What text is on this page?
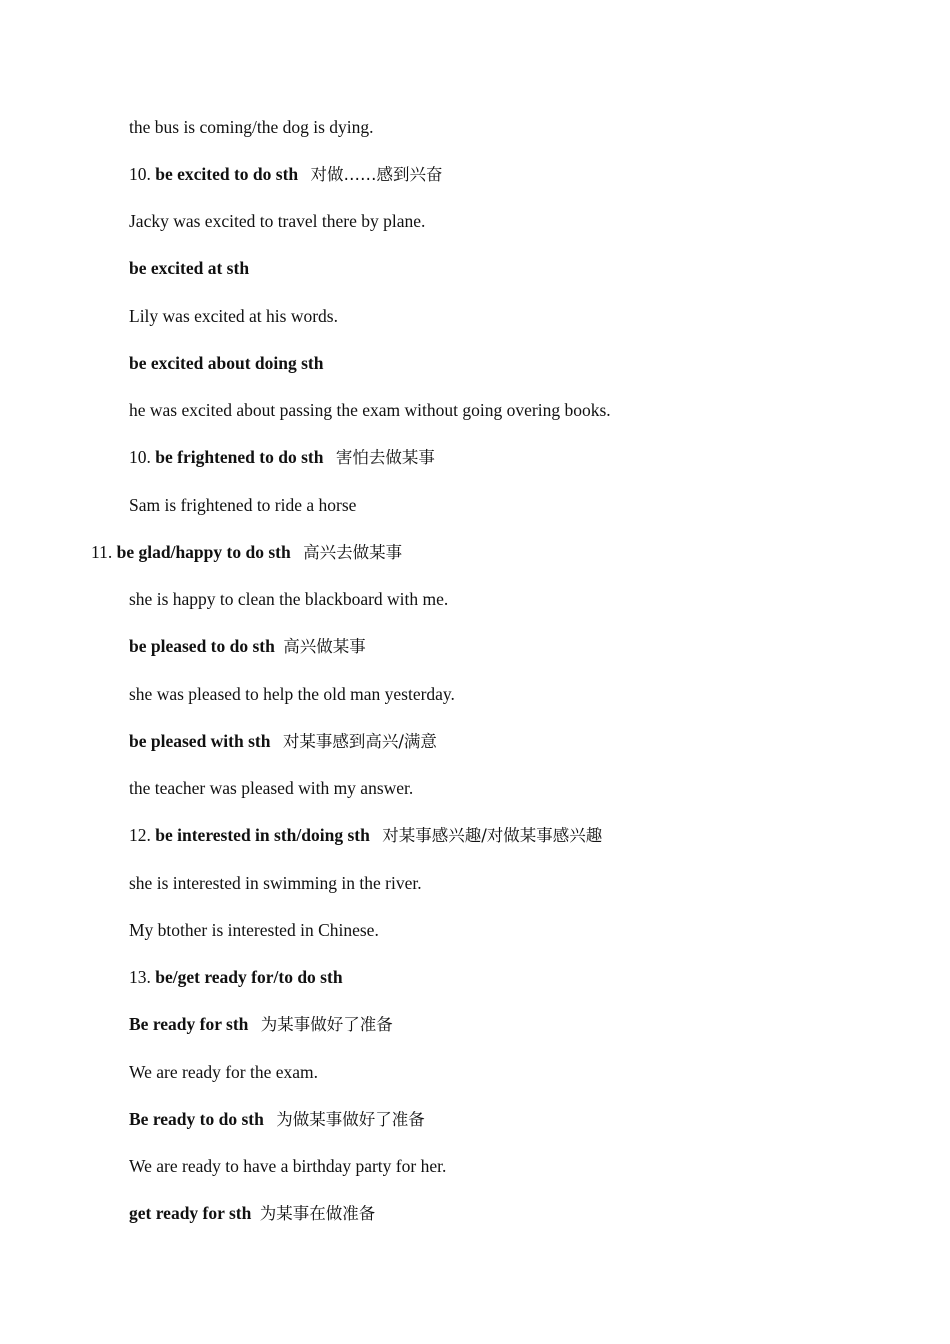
the bus is coming/the dog is dying.
10. be excited to do sth 对做……感到兴奋
Jacky was excited to travel there by plane.
be excited at sth
Lily was excited at his words.
be excited about doing sth
he was excited about passing the exam without going overing books.
10. be frightened to do sth 害怕去做某事
Sam is frightened to ride a horse
11. be glad/happy to do sth 高兴去做某事
she is happy to clean the blackboard with me.
be pleased to do sth 高兴做某事
she was pleased to help the old man yesterday.
be pleased with sth 对某事感到高兴/满意
the teacher was pleased with my answer.
12. be interested in sth/doing sth 对某事感兴趣/对做某事感兴趣
she is interested in swimming in the river.
My btother is interested in Chinese.
13. be/get ready for/to do sth
Be ready for sth 为某事做好了准备
We are ready for the exam.
Be ready to do sth 为做某事做好了准备
We are ready to have a birthday party for her.
get ready for sth 为某事在做准备
